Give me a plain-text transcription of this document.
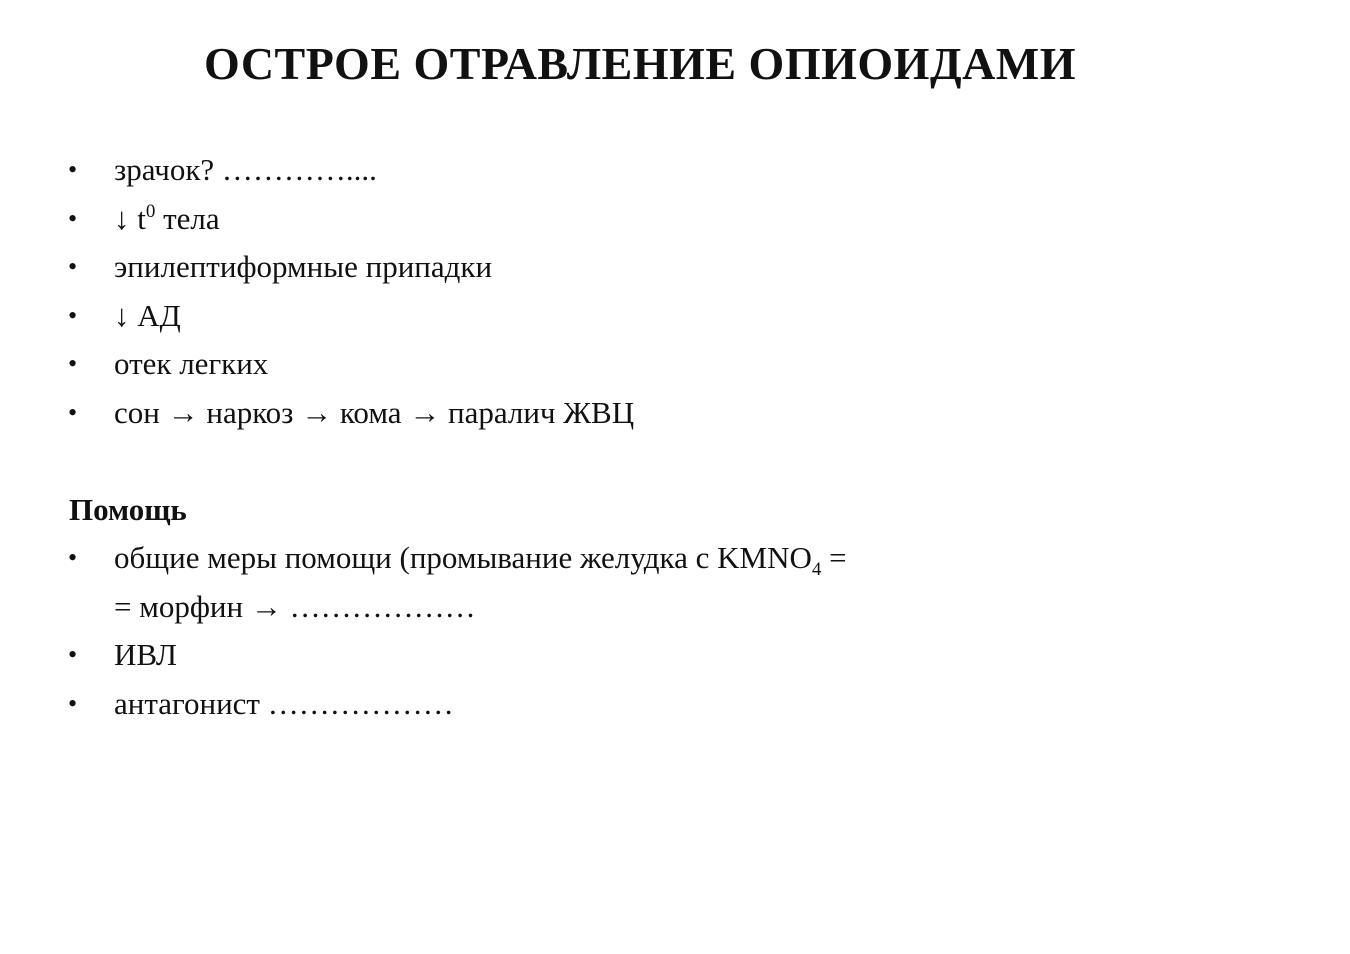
ОСТРОЕ ОТРАВЛЕНИЕ ОПИОИДАМИ
• зрачок? …………....
• ↓ $t^0$ тела
• эпилептиформные припадки
• ↓ АД
• отек легких
• сон → наркоз → кома → паралич ЖВЦ
Помощь
• общие меры помощи (промывание желудка с $KMNO_4$ =
= морфин → ………………
• ИВЛ
• антагонист ………………
